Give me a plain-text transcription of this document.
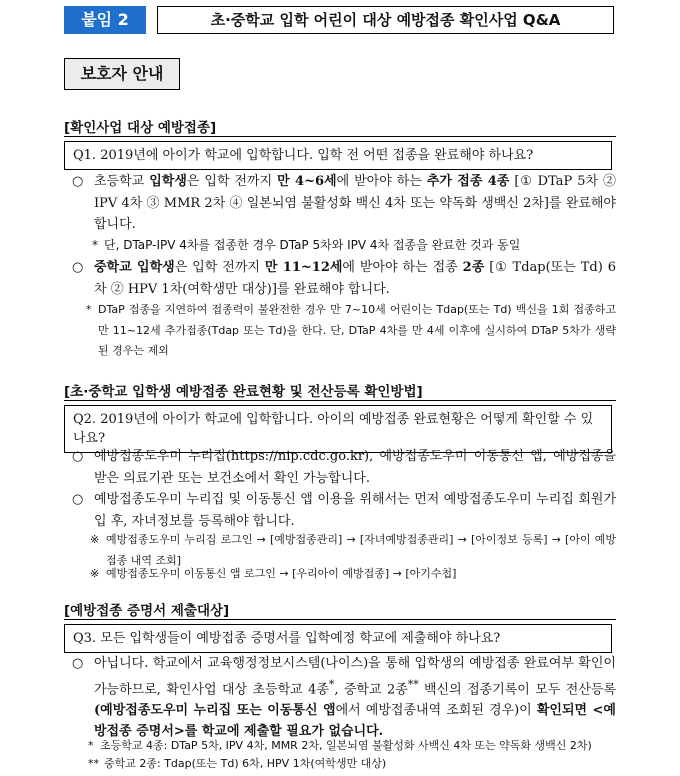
붙임 2	초·중학교 입학 어린이 대상 예방접종 확인사업 Q&A
보호자 안내
[확인사업 대상 예방접종]
Q1. 2019년에 아이가 학교에 입학합니다. 입학 전 어떤 접종을 완료해야 하나요?
○ 초등학교 입학생은 입학 전까지 만 4~6세에 받아야 하는 추가 접종 4종 [① DTaP 5차 ② IPV 4차 ③ MMR 2차 ④ 일본뇌염 불활성화 백신 4차 또는 약독화 생백신 2차]를 완료해야 합니다.
* 단, DTaP-IPV 4차를 접종한 경우 DTaP 5차와 IPV 4차 접종을 완료한 것과 동일
○ 중학교 입학생은 입학 전까지 만 11~12세에 받아야 하는 접종 2종 [① Tdap(또는 Td) 6차 ② HPV 1차(여학생만 대상)]를 완료해야 합니다.
* DTaP 접종을 지연하여 접종력이 불완전한 경우 만 7~10세 어린이는 Tdap(또는 Td) 백신을 1회 접종하고 만 11~12세 추가접종(Tdap 또는 Td)을 한다. 단, DTaP 4차를 만 4세 이후에 실시하여 DTaP 5차가 생략된 경우는 제외
[초·중학교 입학생 예방접종 완료현황 및 전산등록 확인방법]
Q2. 2019년에 아이가 학교에 입학합니다. 아이의 예방접종 완료현황은 어떻게 확인할 수 있나요?
○ 예방접종도우미 누리집(https://nip.cdc.go.kr), 예방접종도우미 이동통신 앱, 예방접종을 받은 의료기관 또는 보건소에서 확인 가능합니다.
○ 예방접종도우미 누리집 및 이동통신 앱 이용을 위해서는 먼저 예방접종도우미 누리집 회원가입 후, 자녀정보를 등록해야 합니다.
※ 예방접종도우미 누리집 로그인 → [예방접종관리] → [자녀예방접종관리] → [아이정보 등록] → [아이 예방접종 내역 조회]
※ 예방접종도우미 이동통신 앱 로그인 → [우리아이 예방접종] → [아기수첩]
[예방접종 증명서 제출대상]
Q3. 모든 입학생들이 예방접종 증명서를 입학예정 학교에 제출해야 하나요?
○ 아닙니다. 학교에서 교육행정정보시스템(나이스)을 통해 입학생의 예방접종 완료여부 확인이 가능하므로, 확인사업 대상 초등학교 4종*, 중학교 2종** 백신의 접종기록이 모두 전산등록 (예방접종도우미 누리집 또는 이동통신 앱에서 예방접종내역 조회된 경우)이 확인되면 <예방접종 증명서>를 학교에 제출할 필요가 없습니다.
* 초등학교 4종: DTaP 5차, IPV 4차, MMR 2차, 일본뇌염 불활성화 사백신 4차 또는 약독화 생백신 2차)
** 중학교 2종: Tdap(또는 Td) 6차, HPV 1차(여학생만 대상)
